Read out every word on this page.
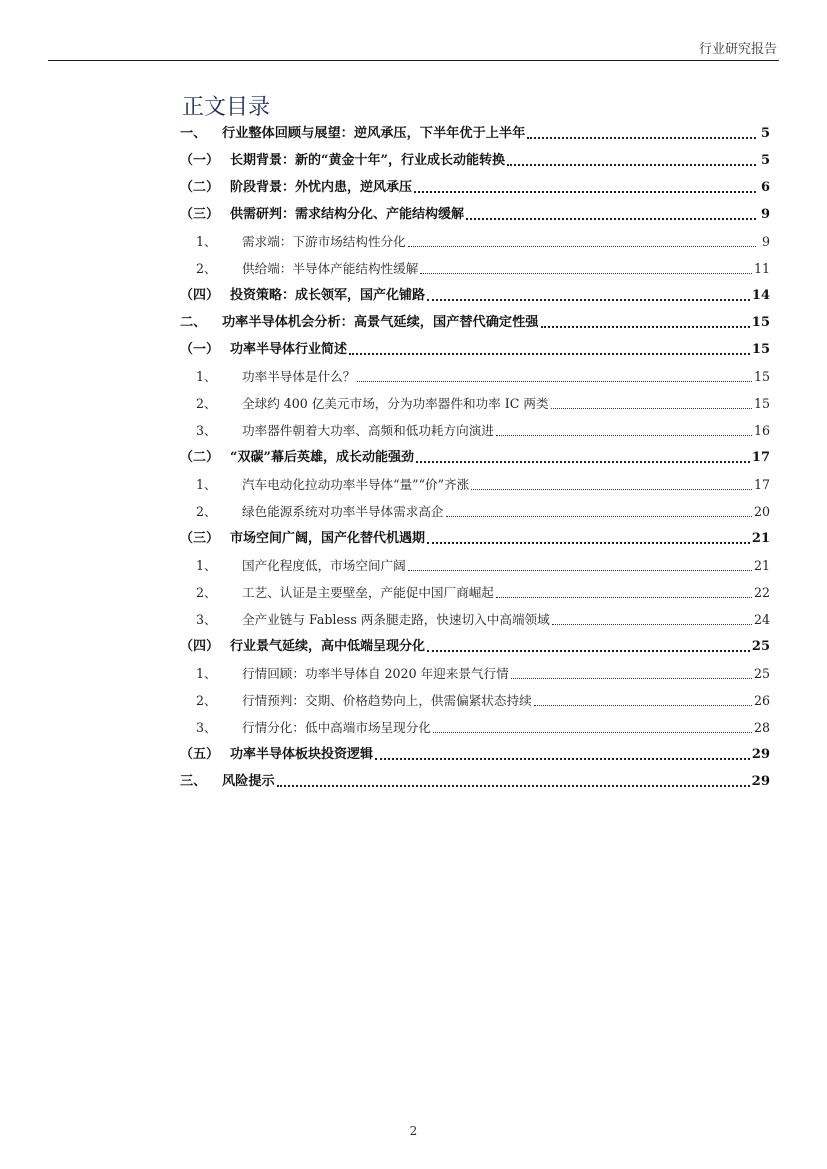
行业研究报告
正文目录
一、	行业整体回顾与展望：逆风承压，下半年优于上半年	5
（一） 长期背景：新的“黄金十年”，行业成长动能转换	5
（二） 阶段背景：外忧内患，逆风承压	6
（三） 供需研判：需求结构分化、产能结构缓解	9
1、	需求端：下游市场结构性分化	9
2、	供给端：半导体产能结构性缓解	11
（四） 投资策略：成长领军，国产化铺路	14
二、	功率半导体机会分析：高景气延续，国产替代确定性强	15
（一） 功率半导体行业简述	15
1、	功率半导体是什么？	15
2、	全球约 400 亿美元市场，分为功率器件和功率 IC 两类	15
3、	功率器件朝着大功率、高频和低功耗方向演进	16
（二） “双碳”幕后英雄，成长动能强劲	17
1、	汽车电动化拉动功率半导体“量”“价”齐涨	17
2、	绿色能源系统对功率半导体需求高企	20
（三） 市场空间广阔，国产化替代机遇期	21
1、	国产化程度低，市场空间广阔	21
2、	工艺、认证是主要壁垒，产能促中国厂商崛起	22
3、	全产业链与 Fabless 两条腿走路，快速切入中高端领域	24
（四） 行业景气延续，高中低端呈现分化	25
1、	行情回顾：功率半导体自 2020 年迎来景气行情	25
2、	行情预判：交期、价格趋势向上，供需偏紧状态持续	26
3、	行情分化：低中高端市场呈现分化	28
（五） 功率半导体板块投资逻辑	29
三、	风险提示	29
2
